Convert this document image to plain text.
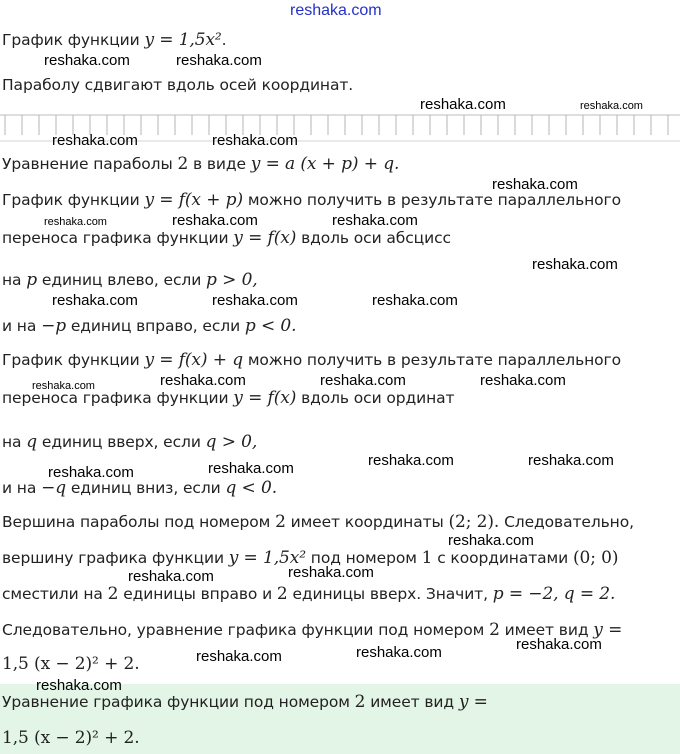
reshaka.com
График функции y = 1,5x².
Параболу сдвигают вдоль осей координат.
Уравнение параболы 2 в виде y = a (x + p) + q.
График функции y = f(x + p) можно получить в результате параллельного
переноса графика функции y = f(x) вдоль оси абсцисс
на p единиц влево, если p > 0,
и на −p единиц вправо, если p < 0.
График функции y = f(x) + q можно получить в результате параллельного
переноса графика функции y = f(x) вдоль оси ординат
на q единиц вверх, если q > 0,
и на −q единиц вниз, если q < 0.
Вершина параболы под номером 2 имеет координаты (2; 2). Следовательно,
вершину графика функции y = 1,5x² под номером 1 с координатами (0; 0)
сместили на 2 единицы вправо и 2 единицы вверх. Значит, p = −2, q = 2.
Следовательно, уравнение графика функции под номером 2 имеет вид y =
1,5 (x − 2)² + 2.
Уравнение графика функции под номером 2 имеет вид y =
1,5 (x − 2)² + 2.
reshaka.com	reshaka.com
reshaka.com	reshaka.com
reshaka.com	reshaka.com
reshaka.com
reshaka.com	reshaka.com	reshaka.com
reshaka.com
reshaka.com	reshaka.com	reshaka.com
reshaka.com	reshaka.com	reshaka.com	reshaka.com
reshaka.com	reshaka.com
reshaka.com	reshaka.com
reshaka.com
reshaka.com	reshaka.com
reshaka.com
reshaka.com	reshaka.com
reshaka.com
